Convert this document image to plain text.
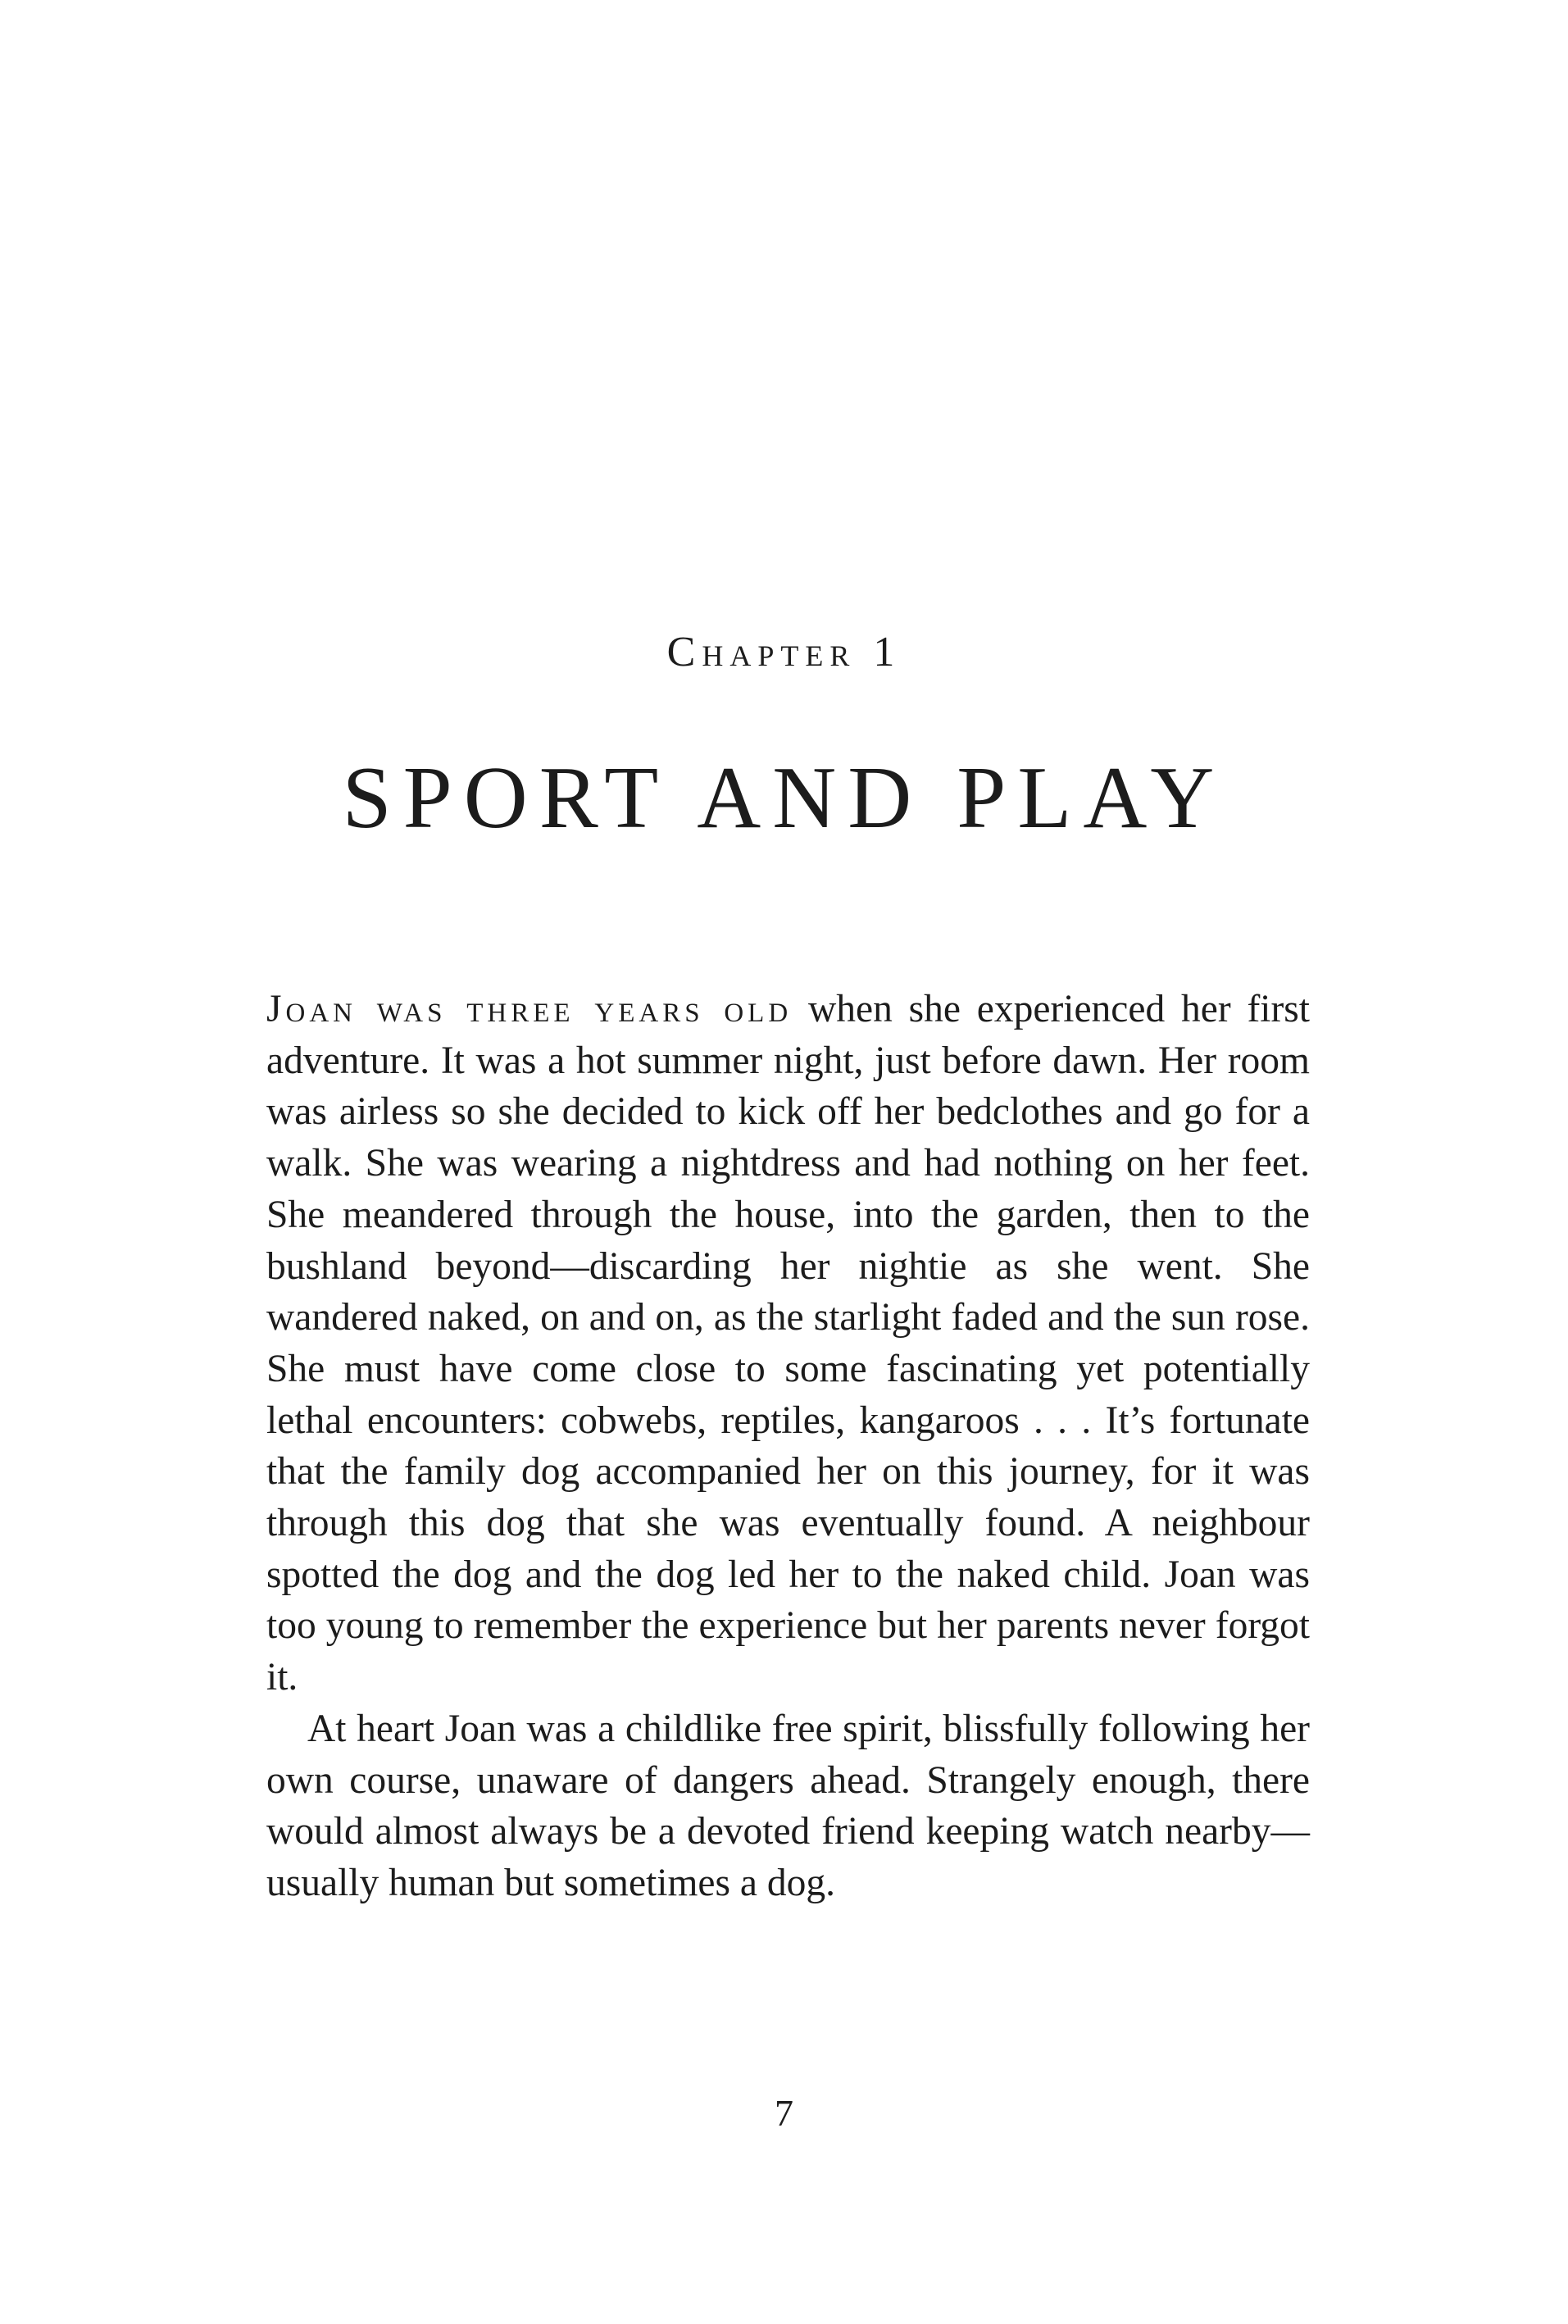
Chapter 1
SPORT AND PLAY

Joan was three years old when she experienced her first adventure. It was a hot summer night, just before dawn. Her room was airless so she decided to kick off her bedclothes and go for a walk. She was wearing a nightdress and had nothing on her feet. She meandered through the house, into the garden, then to the bushland beyond—discarding her nightie as she went. She wandered naked, on and on, as the starlight faded and the sun rose. She must have come close to some fascinating yet potentially lethal encounters: cobwebs, reptiles, kangaroos . . . It’s fortunate that the family dog accompanied her on this journey, for it was through this dog that she was eventually found. A neighbour spotted the dog and the dog led her to the naked child. Joan was too young to remember the experience but her parents never forgot it.

At heart Joan was a childlike free spirit, blissfully following her own course, unaware of dangers ahead. Strangely enough, there would almost always be a devoted friend keeping watch nearby—usually human but sometimes a dog.

7
